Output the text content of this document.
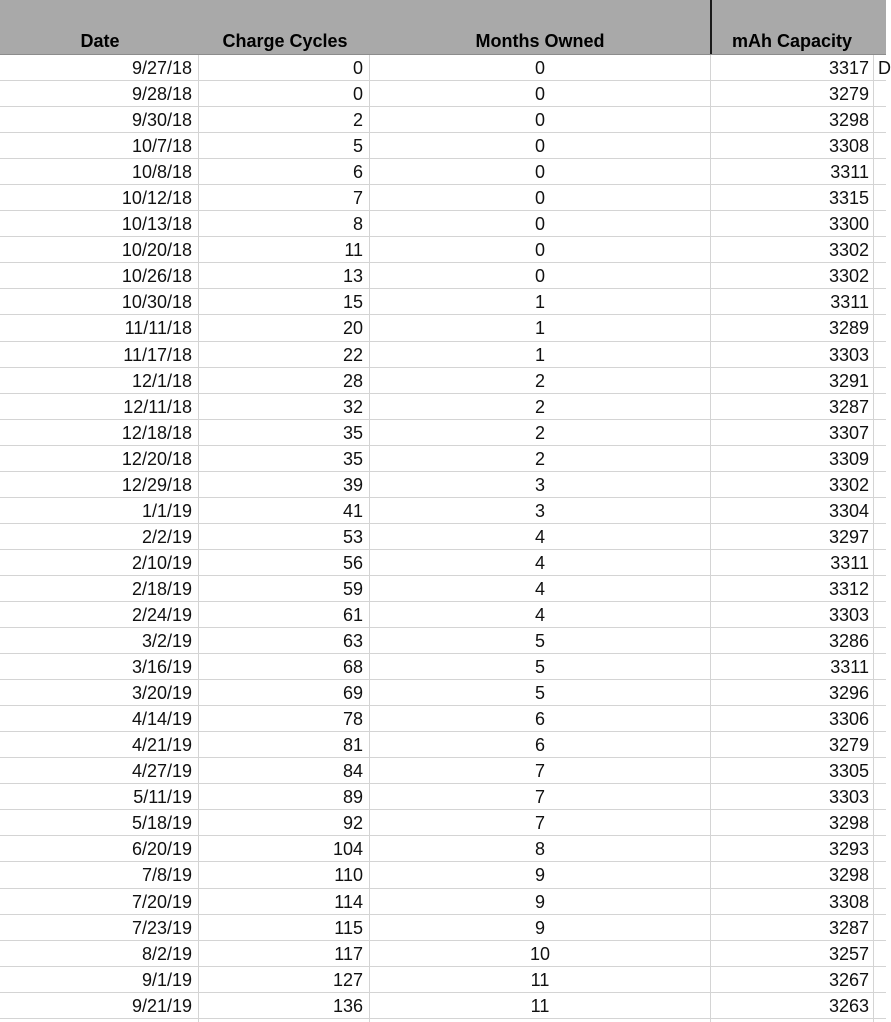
Date	Charge Cycles	Months Owned	mAh Capacity
9/27/18	0	0	3317 D
9/28/18	0	0	3279
9/30/18	2	0	3298
10/7/18	5	0	3308
10/8/18	6	0	3311
10/12/18	7	0	3315
10/13/18	8	0	3300
10/20/18	11	0	3302
10/26/18	13	0	3302
10/30/18	15	1	3311
11/11/18	20	1	3289
11/17/18	22	1	3303
12/1/18	28	2	3291
12/11/18	32	2	3287
12/18/18	35	2	3307
12/20/18	35	2	3309
12/29/18	39	3	3302
1/1/19	41	3	3304
2/2/19	53	4	3297
2/10/19	56	4	3311
2/18/19	59	4	3312
2/24/19	61	4	3303
3/2/19	63	5	3286
3/16/19	68	5	3311
3/20/19	69	5	3296
4/14/19	78	6	3306
4/21/19	81	6	3279
4/27/19	84	7	3305
5/11/19	89	7	3303
5/18/19	92	7	3298
6/20/19	104	8	3293
7/8/19	110	9	3298
7/20/19	114	9	3308
7/23/19	115	9	3287
8/2/19	117	10	3257
9/1/19	127	11	3267
9/21/19	136	11	3263
